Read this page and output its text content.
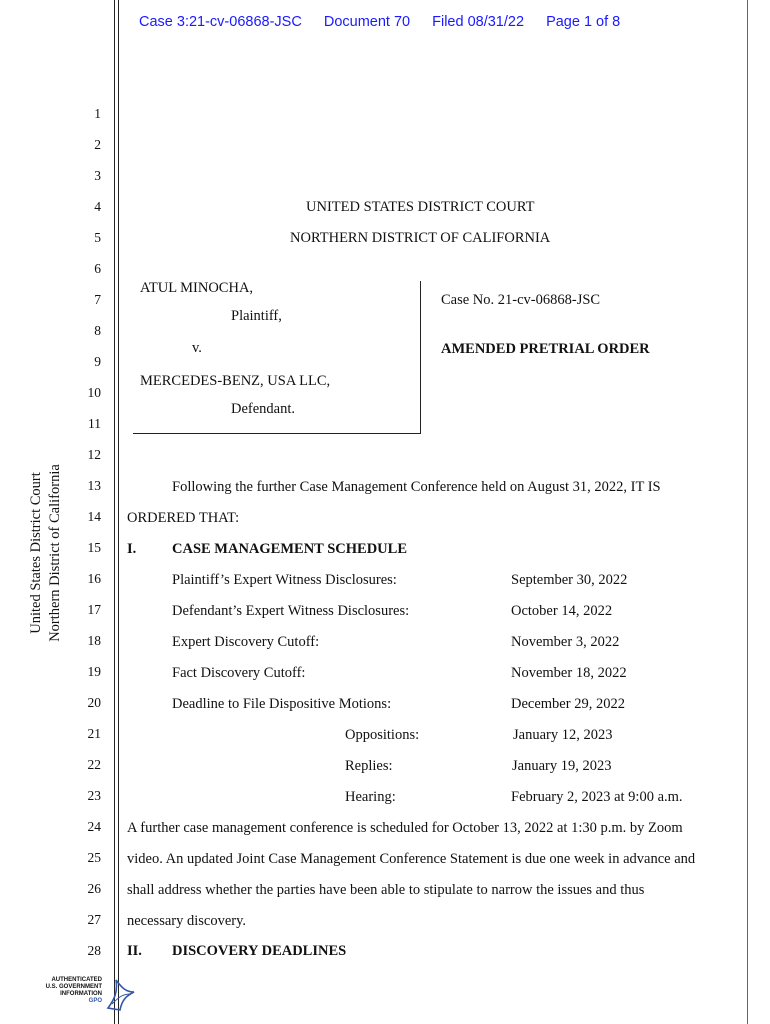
Case 3:21-cv-06868-JSC Document 70 Filed 08/31/22 Page 1 of 8
United States District Court Northern District of California
1
2
3
4
5
6
7
8
9
10
11
12
13
14
15
16
17
18
19
20
21
22
23
24
25
26
27
28
UNITED STATES DISTRICT COURT
NORTHERN DISTRICT OF CALIFORNIA
ATUL MINOCHA,
Plaintiff,
v.
MERCEDES-BENZ, USA LLC,
Defendant.
Case No. 21-cv-06868-JSC
AMENDED PRETRIAL ORDER
Following the further Case Management Conference held on August 31, 2022, IT IS
ORDERED THAT:
I. CASE MANAGEMENT SCHEDULE
Plaintiff’s Expert Witness Disclosures:	September 30, 2022
Defendant’s Expert Witness Disclosures:	October 14, 2022
Expert Discovery Cutoff:	November 3, 2022
Fact Discovery Cutoff:	November 18, 2022
Deadline to File Dispositive Motions:	December 29, 2022
Oppositions:	January 12, 2023
Replies:	January 19, 2023
Hearing:	February 2, 2023 at 9:00 a.m.
A further case management conference is scheduled for October 13, 2022 at 1:30 p.m. by Zoom
video. An updated Joint Case Management Conference Statement is due one week in advance and
shall address whether the parties have been able to stipulate to narrow the issues and thus
necessary discovery.
II. DISCOVERY DEADLINES
AUTHENTICATED
U.S. GOVERNMENT
INFORMATION
GPO
